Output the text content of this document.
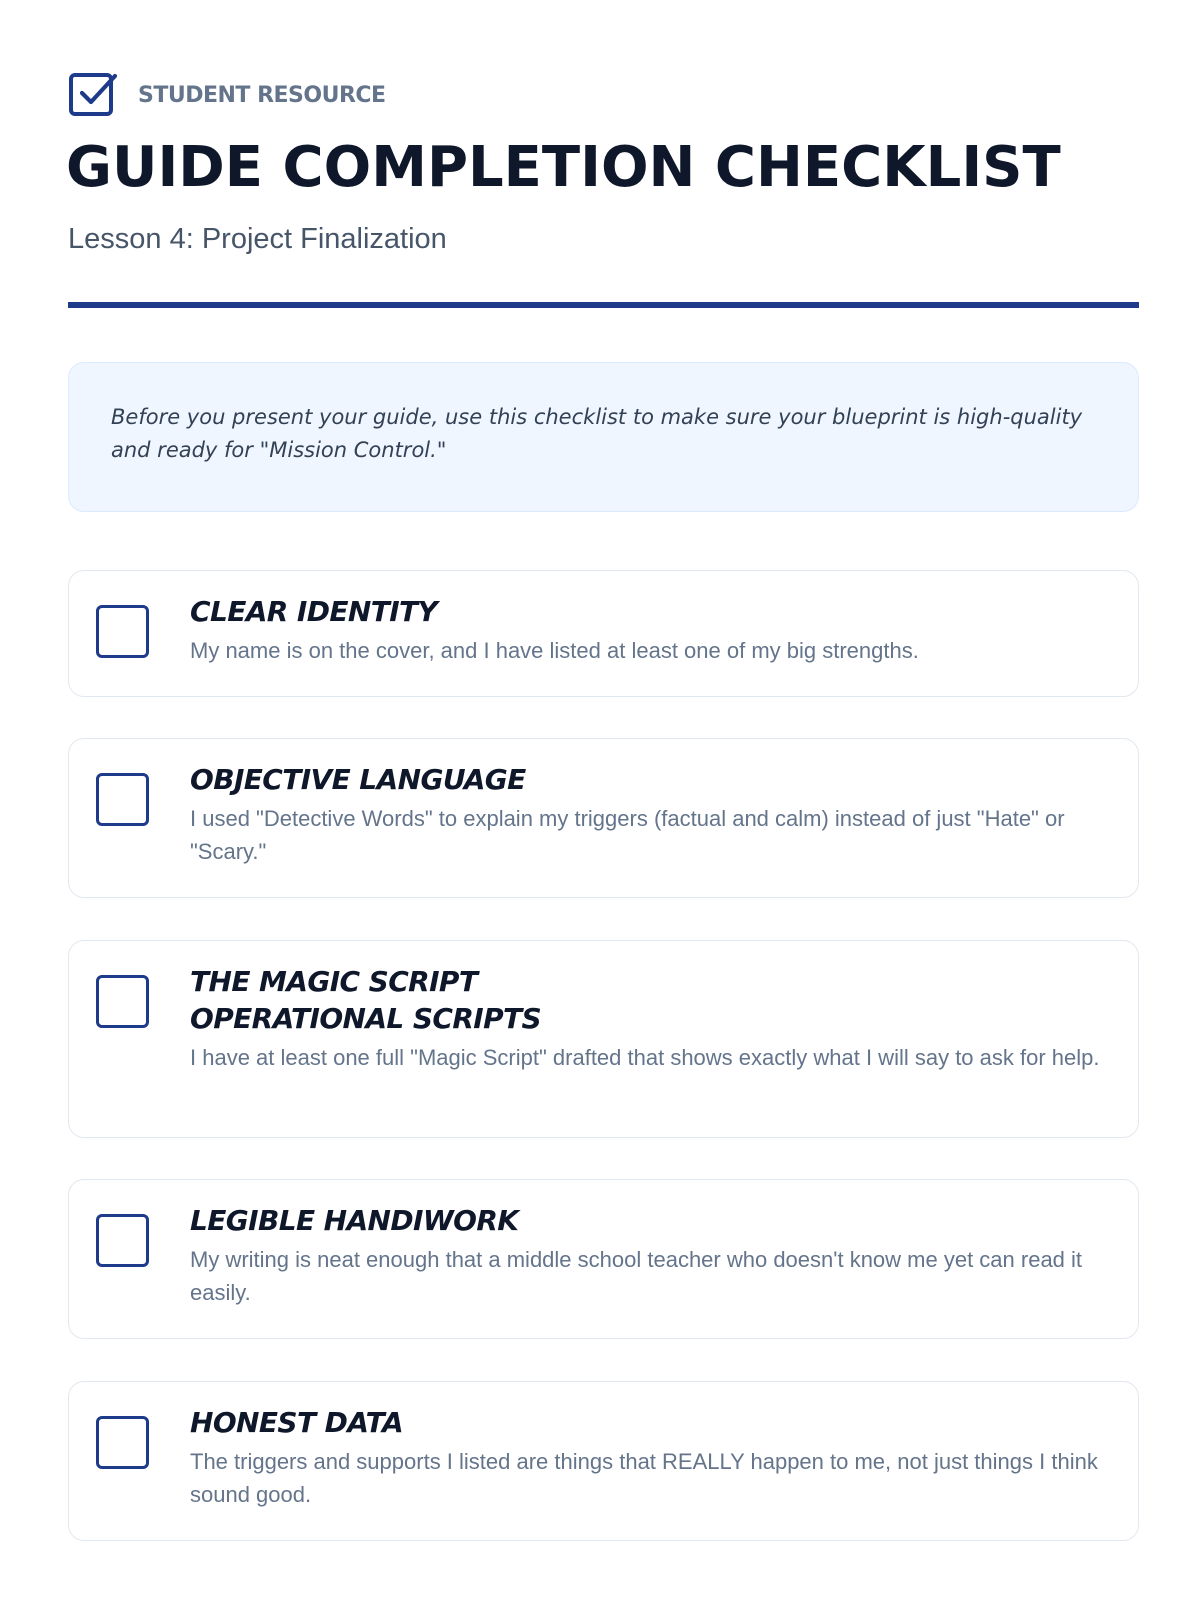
STUDENT RESOURCE
GUIDE COMPLETION CHECKLIST
Lesson 4: Project Finalization

Before you present your guide, use this checklist to make sure your blueprint is high-quality and ready for "Mission Control."

CLEAR IDENTITY
My name is on the cover, and I have listed at least one of my big strengths.
OBJECTIVE LANGUAGE
I used "Detective Words" to explain my triggers (factual and calm) instead of just "Hate" or "Scary."
THE MAGIC SCRIPT
OPERATIONAL SCRIPTS
I have at least one full "Magic Script" drafted that shows exactly what I will say to ask for help.
LEGIBLE HANDIWORK
My writing is neat enough that a middle school teacher who doesn't know me yet can read it easily.
HONEST DATA
The triggers and supports I listed are things that REALLY happen to me, not just things I think sound good.
